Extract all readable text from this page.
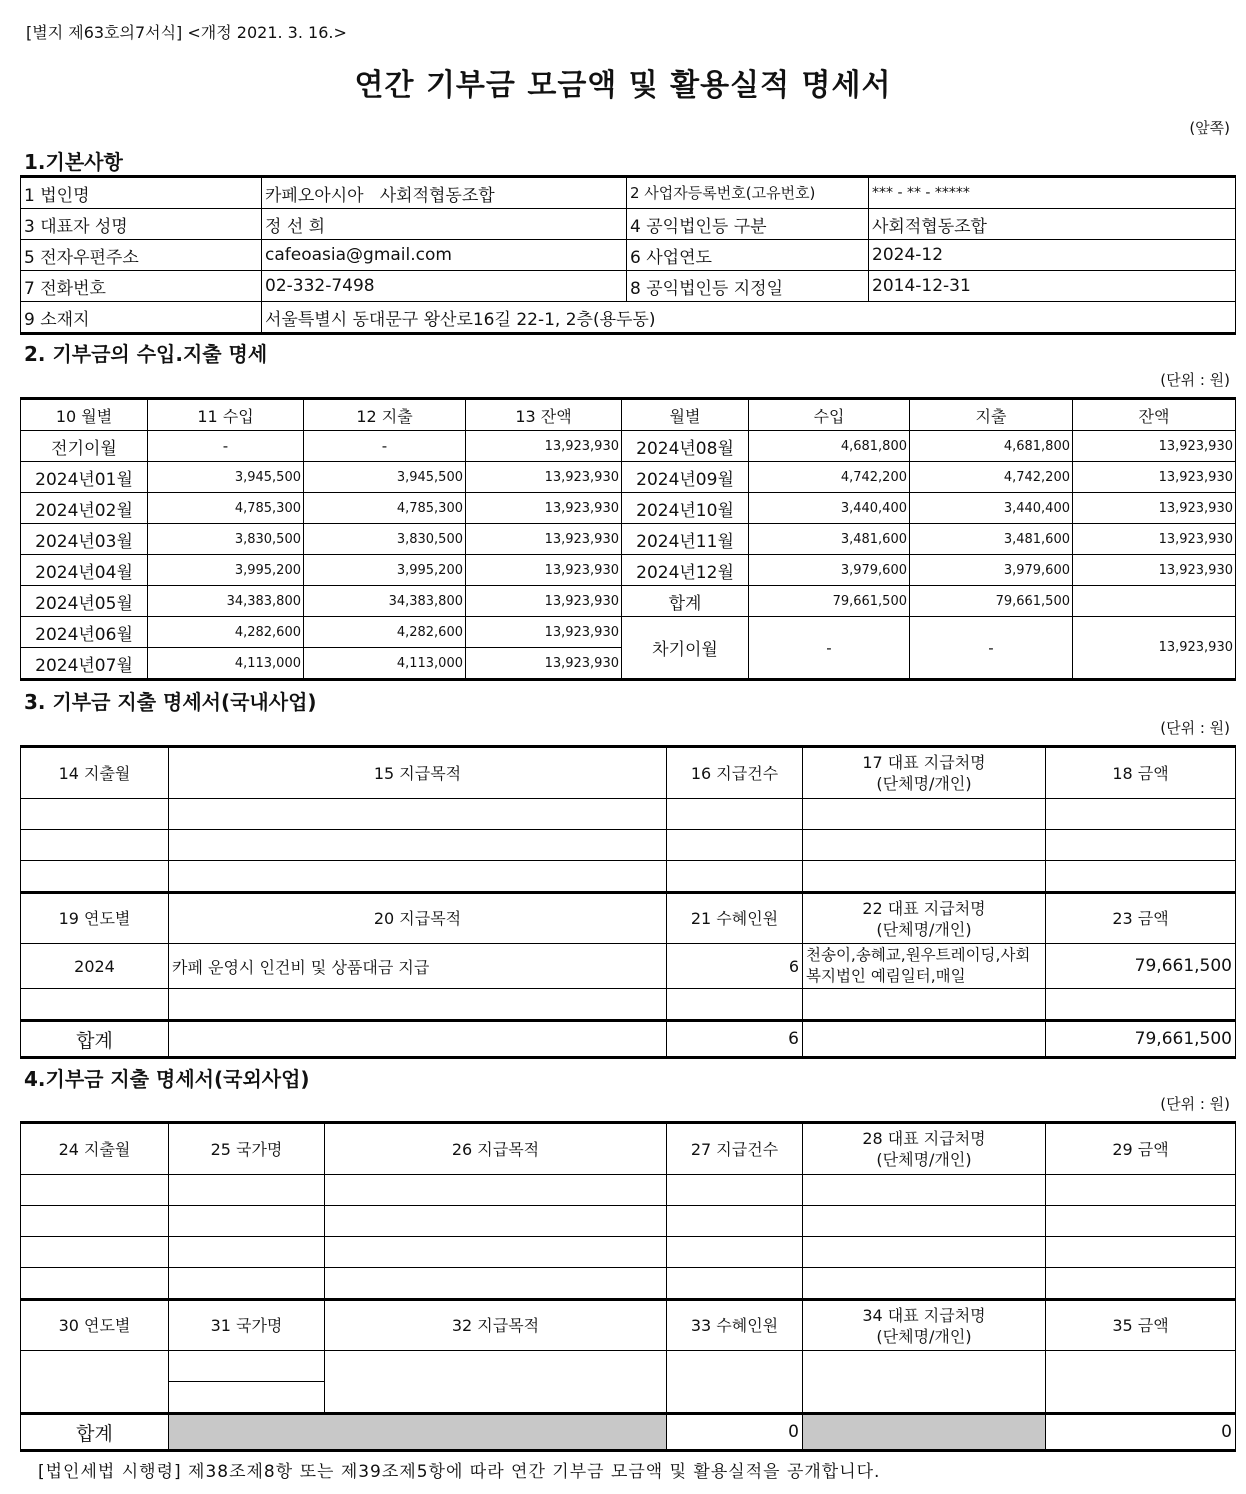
[별지 제63호의7서식] <개정 2021. 3. 16.>
연간 기부금 모금액 및 활용실적 명세서
(앞쪽)
1.기본사항
1 법인명	카페오아시아   사회적협동조합	2 사업자등록번호(고유번호)	*** - ** - *****
3 대표자 성명	정 선 희	4 공익법인등 구분	사회적협동조합
5 전자우편주소	cafeoasia@gmail.com	6 사업연도	2024-12
7 전화번호	02-332-7498	8 공익법인등 지정일	2014-12-31
9 소재지	서울특별시 동대문구 왕산로16길 22-1, 2층(용두동)		
2. 기부금의 수입.지출 명세
(단위 : 원)
10 월별	11 수입	12 지출	13 잔액	월별	수입	지출	잔액
전기이월	-	-	13,923,930	2024년08월	4,681,800	4,681,800	13,923,930
2024년01월	3,945,500	3,945,500	13,923,930	2024년09월	4,742,200	4,742,200	13,923,930
2024년02월	4,785,300	4,785,300	13,923,930	2024년10월	3,440,400	3,440,400	13,923,930
2024년03월	3,830,500	3,830,500	13,923,930	2024년11월	3,481,600	3,481,600	13,923,930
2024년04월	3,995,200	3,995,200	13,923,930	2024년12월	3,979,600	3,979,600	13,923,930
2024년05월	34,383,800	34,383,800	13,923,930	합계	79,661,500	79,661,500	
2024년06월	4,282,600	4,282,600	13,923,930	차기이월	-	-	13,923,930
2024년07월	4,113,000	4,113,000	13,923,930				
3. 기부금 지출 명세서(국내사업)
(단위 : 원)
14 지출월	15 지급목적	16 지급건수	17 대표 지급처명
(단체명/개인)	18 금액

19 연도별	20 지급목적	21 수혜인원	22 대표 지급처명
(단체명/개인)	23 금액
2024	카페 운영시 인건비 및 상품대금 지급	6	천송이,송혜교,원우트레이딩,사회복지법인 예림일터,매일	79,661,500

합계		6		79,661,500
4.기부금 지출 명세서(국외사업)
(단위 : 원)
24 지출월	25 국가명	26 지급목적	27 지급건수	28 대표 지급처명
(단체명/개인)	29 금액

30 연도별	31 국가명	32 지급목적	33 수혜인원	34 대표 지급처명
(단체명/개인)	35 금액

합계			0		0
[법인세법 시행령] 제38조제8항 또는 제39조제5항에 따라 연간 기부금 모금액 및 활용실적을 공개합니다.
